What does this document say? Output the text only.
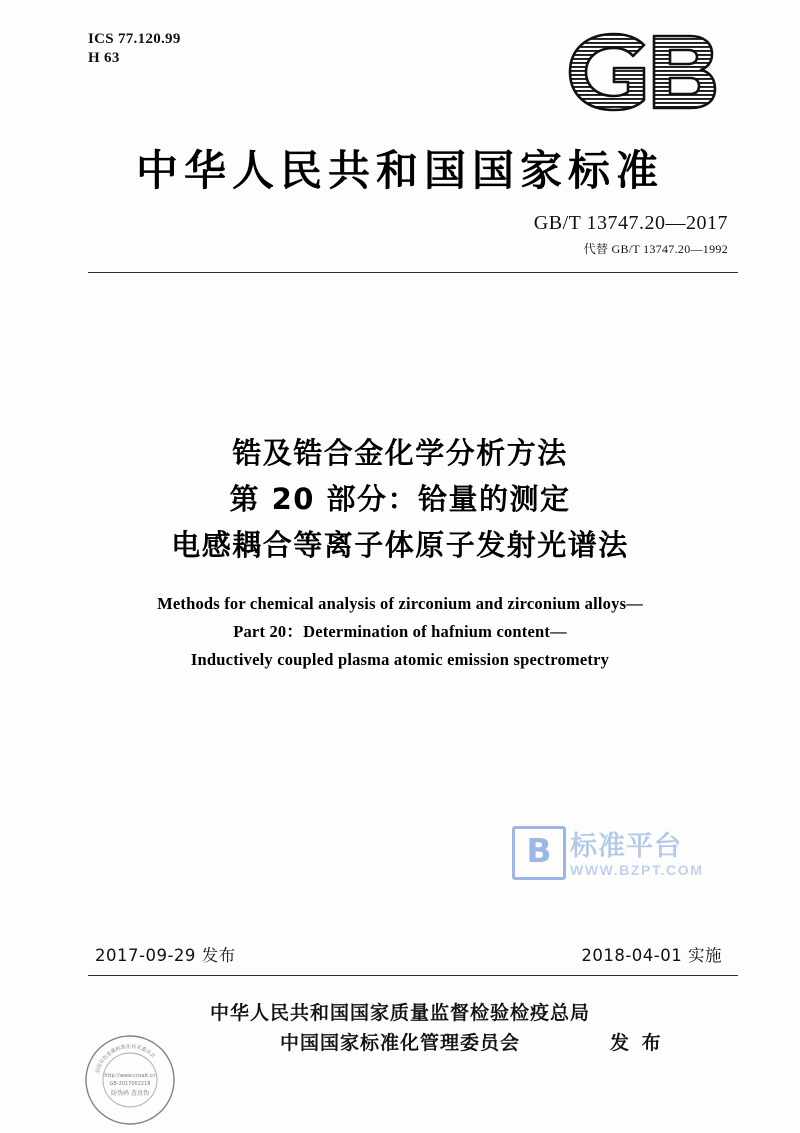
ICS 77.120.99
H 63
中华人民共和国国家标准
GB/T 13747.20—2017
代替 GB/T 13747.20—1992
锆及锆合金化学分析方法
第 20 部分：铪量的测定
电感耦合等离子体原子发射光谱法
Methods for chemical analysis of zirconium and zirconium alloys—
Part 20：Determination of hafnium content—
Inductively coupled plasma atomic emission spectrometry
B 标准平台
WWW.BZPT.COM
2017-09-29 发布	2018-04-01 实施
中华人民共和国国家质量监督检验检疫总局
中国国家标准化管理委员会	发 布
全国有色金属标准化技术委员会
http://www.cnsalt.cn
GB-2017002218
防伪码 查真伪
